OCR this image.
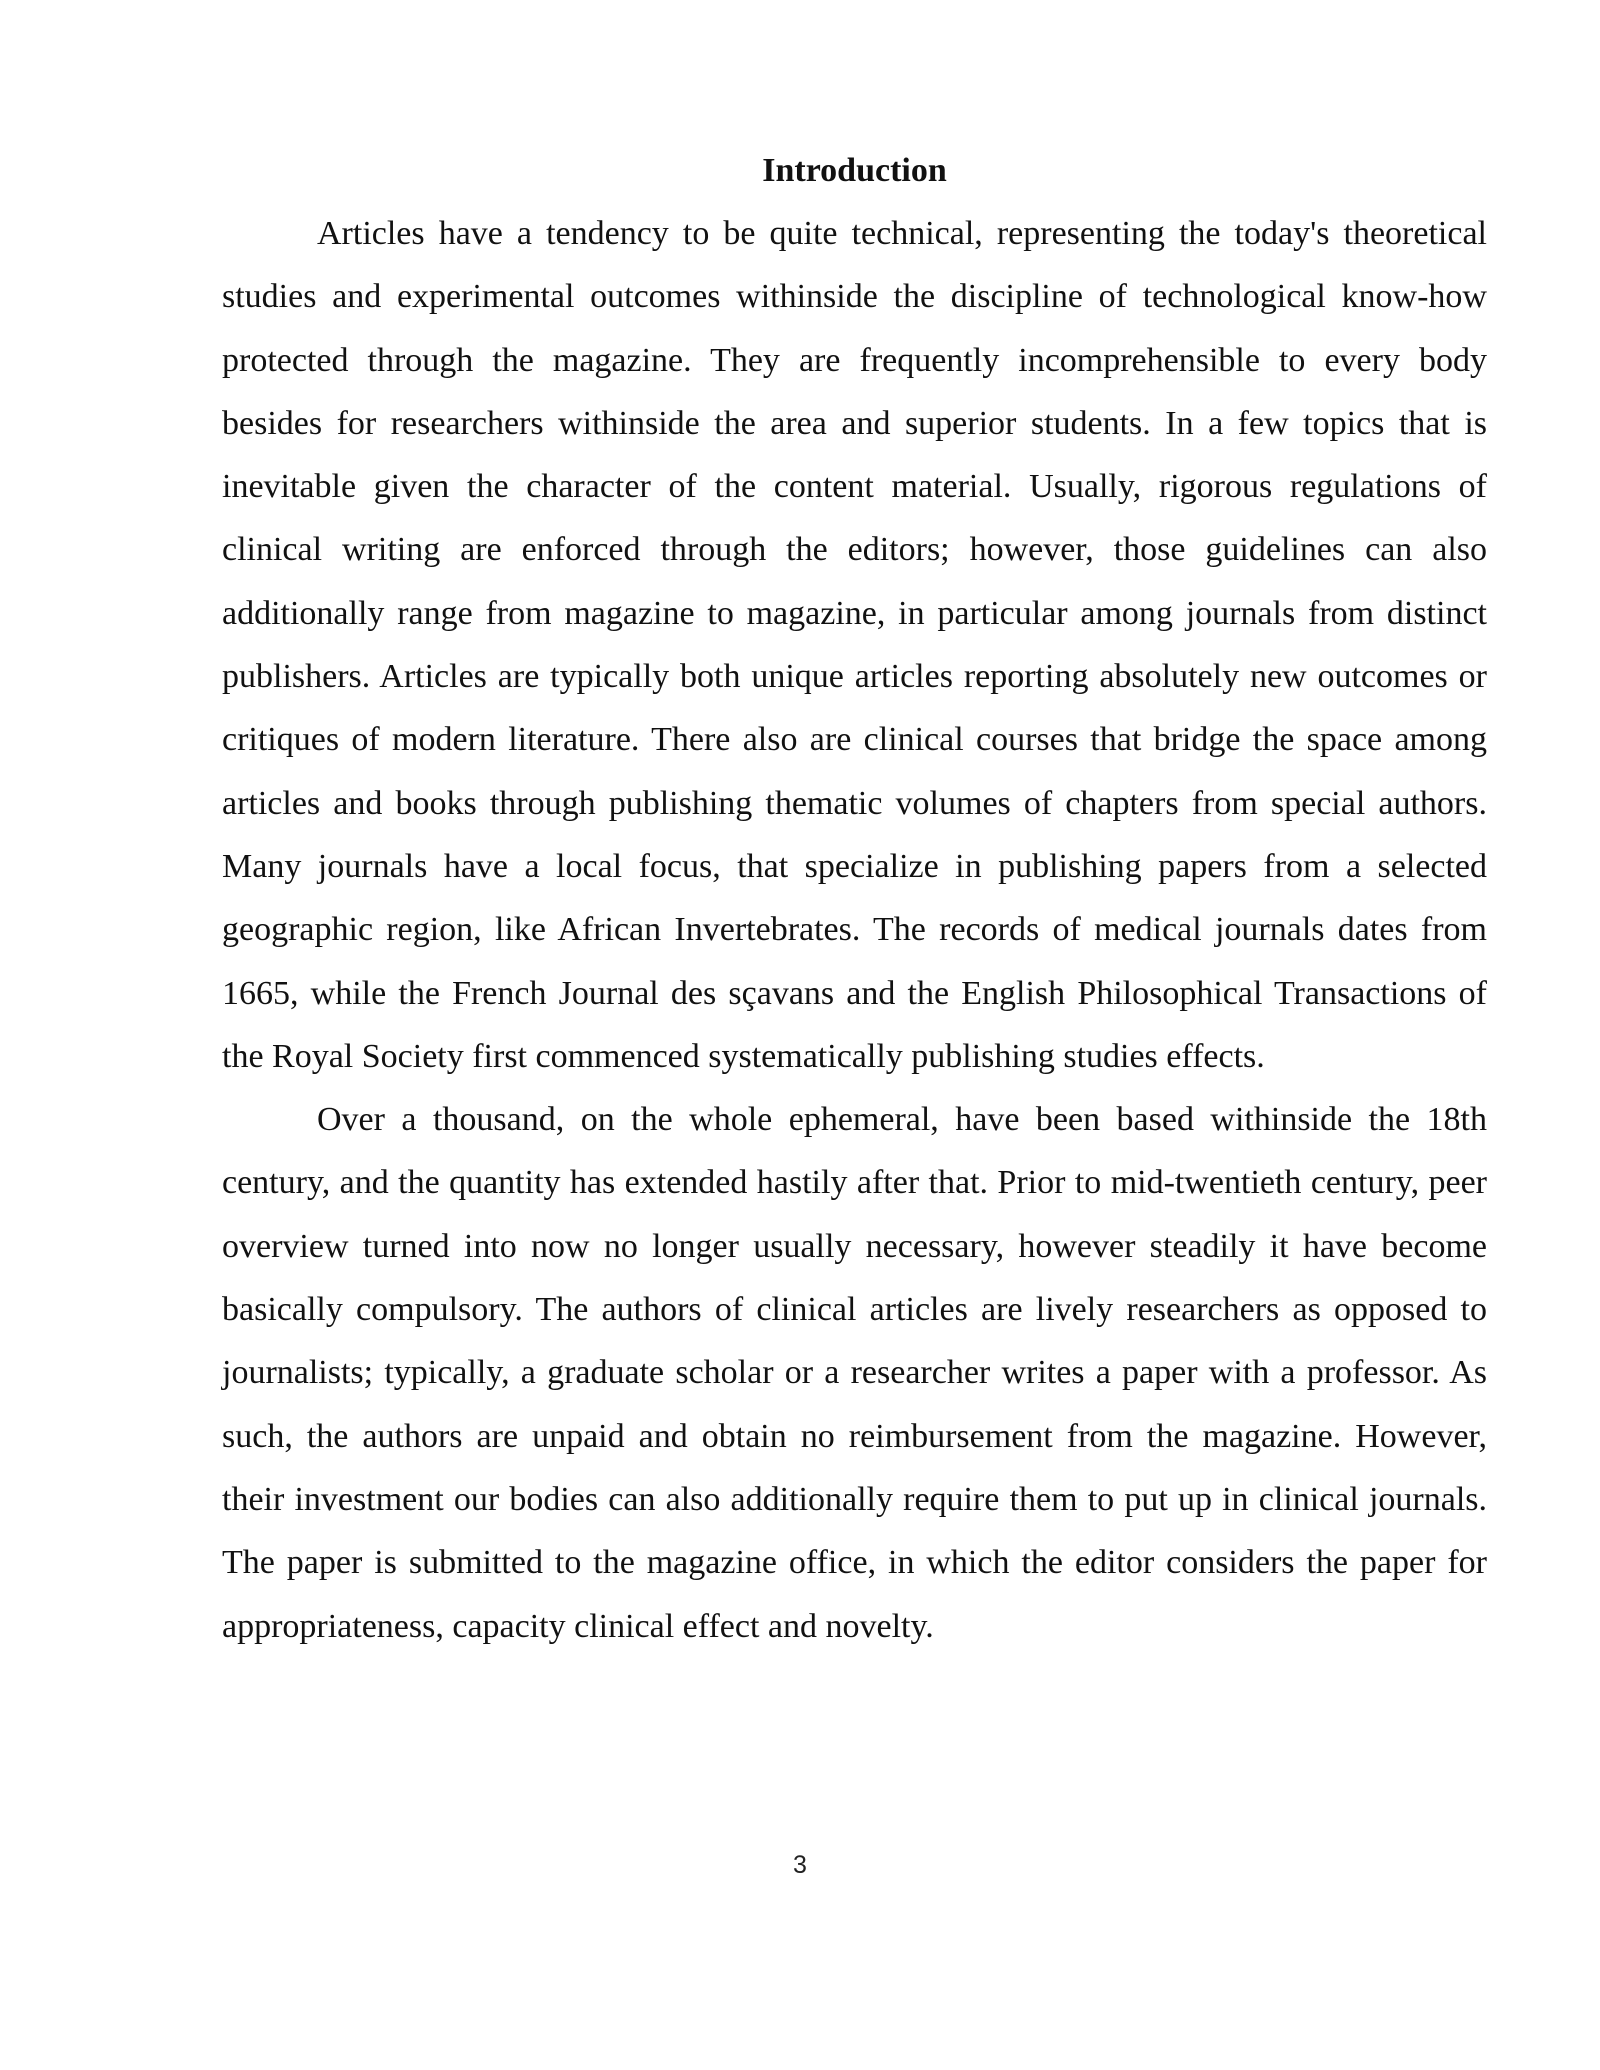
Introduction

Articles have a tendency to be quite technical, representing the today's theoretical studies and experimental outcomes withinside the discipline of technological know-how protected through the magazine. They are frequently incomprehensible to every body besides for researchers withinside the area and superior students. In a few topics that is inevitable given the character of the content material. Usually, rigorous regulations of clinical writing are enforced through the editors; however, those guidelines can also additionally range from magazine to magazine, in particular among journals from distinct publishers. Articles are typically both unique articles reporting absolutely new outcomes or critiques of modern literature. There also are clinical courses that bridge the space among articles and books through publishing thematic volumes of chapters from special authors. Many journals have a local focus, that specialize in publishing papers from a selected geographic region, like African Invertebrates. The records of medical journals dates from 1665, while the French Journal des sçavans and the English Philosophical Transactions of the Royal Society first commenced systematically publishing studies effects.

Over a thousand, on the whole ephemeral, have been based withinside the 18th century, and the quantity has extended hastily after that. Prior to mid-twentieth century, peer overview turned into now no longer usually necessary, however steadily it have become basically compulsory. The authors of clinical articles are lively researchers as opposed to journalists; typically, a graduate scholar or a researcher writes a paper with a professor. As such, the authors are unpaid and obtain no reimbursement from the magazine. However, their investment our bodies can also additionally require them to put up in clinical journals. The paper is submitted to the magazine office, in which the editor considers the paper for appropriateness, capacity clinical effect and novelty.

3
